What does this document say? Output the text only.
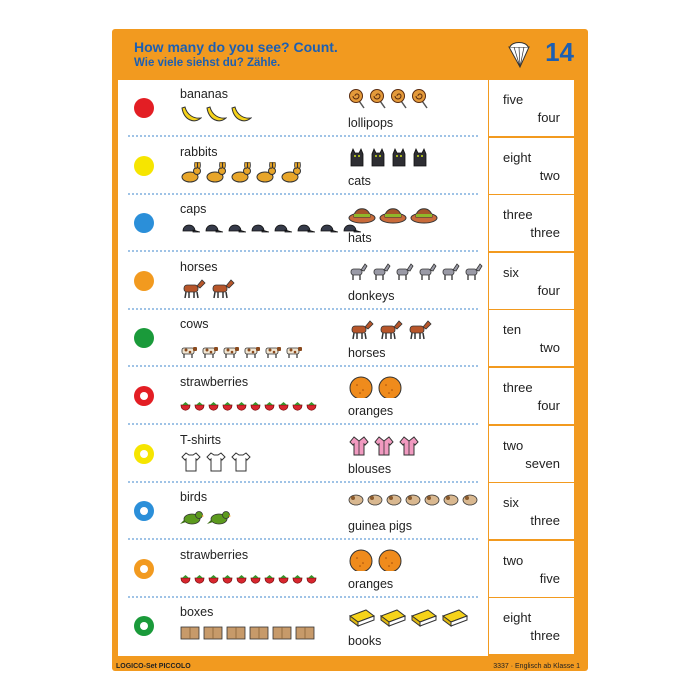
How many do you see? Count.
Wie viele siehst du? Zähle.	14
bananas
lollipops
rabbits
cats
caps
hats
horses
donkeys
cows
horses
strawberries
oranges
T-shirts
blouses
birds
guinea pigs
strawberries
oranges
boxes
books
five
four
eight
two
three
three
six
four
ten
two
three
four
two
seven
six
three
two
five
eight
three
LOGICO-Set PICCOLO	3337 · Englisch ab Klasse 1
